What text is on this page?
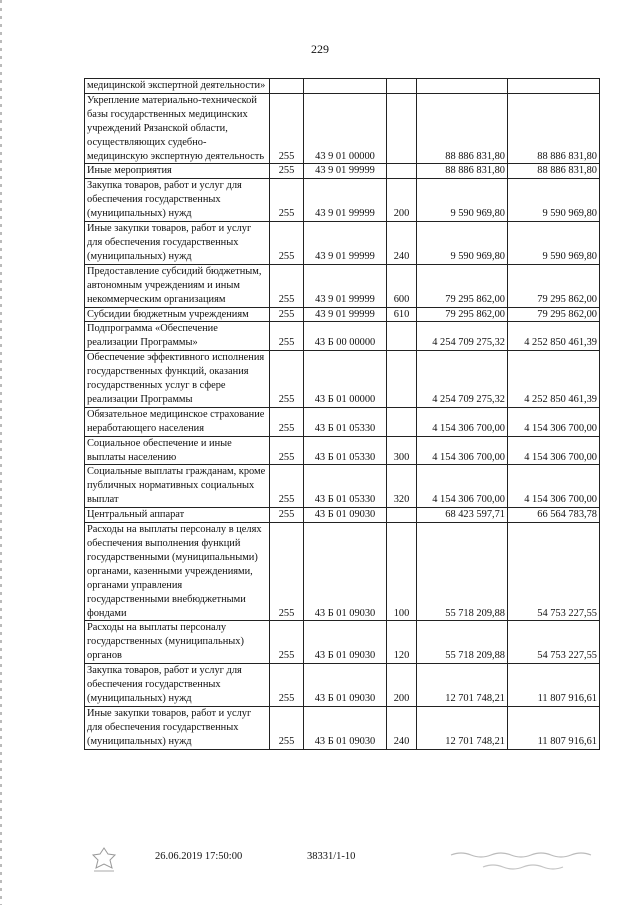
229
медицинской экспертной деятельности»					
Укрепление материально-технической базы государственных медицинских учреждений Рязанской области, осуществляющих судебно-медицинскую экспертную деятельность	255	43 9 01 00000		88 886 831,80	88 886 831,80
Иные мероприятия	255	43 9 01 99999		88 886 831,80	88 886 831,80
Закупка товаров, работ и услуг для обеспечения государственных (муниципальных) нужд	255	43 9 01 99999	200	9 590 969,80	9 590 969,80
Иные закупки товаров, работ и услуг для обеспечения государственных (муниципальных) нужд	255	43 9 01 99999	240	9 590 969,80	9 590 969,80
Предоставление субсидий бюджетным, автономным учреждениям и иным некоммерческим организациям	255	43 9 01 99999	600	79 295 862,00	79 295 862,00
Субсидии бюджетным учреждениям	255	43 9 01 99999	610	79 295 862,00	79 295 862,00
Подпрограмма «Обеспечение реализации Программы»	255	43 Б 00 00000		4 254 709 275,32	4 252 850 461,39
Обеспечение эффективного исполнения государственных функций, оказания государственных услуг в сфере реализации Программы	255	43 Б 01 00000		4 254 709 275,32	4 252 850 461,39
Обязательное медицинское страхование неработающего населения	255	43 Б 01 05330		4 154 306 700,00	4 154 306 700,00
Социальное обеспечение и иные выплаты населению	255	43 Б 01 05330	300	4 154 306 700,00	4 154 306 700,00
Социальные выплаты гражданам, кроме публичных нормативных социальных выплат	255	43 Б 01 05330	320	4 154 306 700,00	4 154 306 700,00
Центральный аппарат	255	43 Б 01 09030		68 423 597,71	66 564 783,78
Расходы на выплаты персоналу в целях обеспечения выполнения функций государственными (муниципальными) органами, казенными учреждениями, органами управления государственными внебюджетными фондами	255	43 Б 01 09030	100	55 718 209,88	54 753 227,55
Расходы на выплаты персоналу государственных (муниципальных) органов	255	43 Б 01 09030	120	55 718 209,88	54 753 227,55
Закупка товаров, работ и услуг для обеспечения государственных (муниципальных) нужд	255	43 Б 01 09030	200	12 701 748,21	11 807 916,61
Иные закупки товаров, работ и услуг для обеспечения государственных (муниципальных) нужд	255	43 Б 01 09030	240	12 701 748,21	11 807 916,61
26.06.2019 17:50:00	38331/1-10
